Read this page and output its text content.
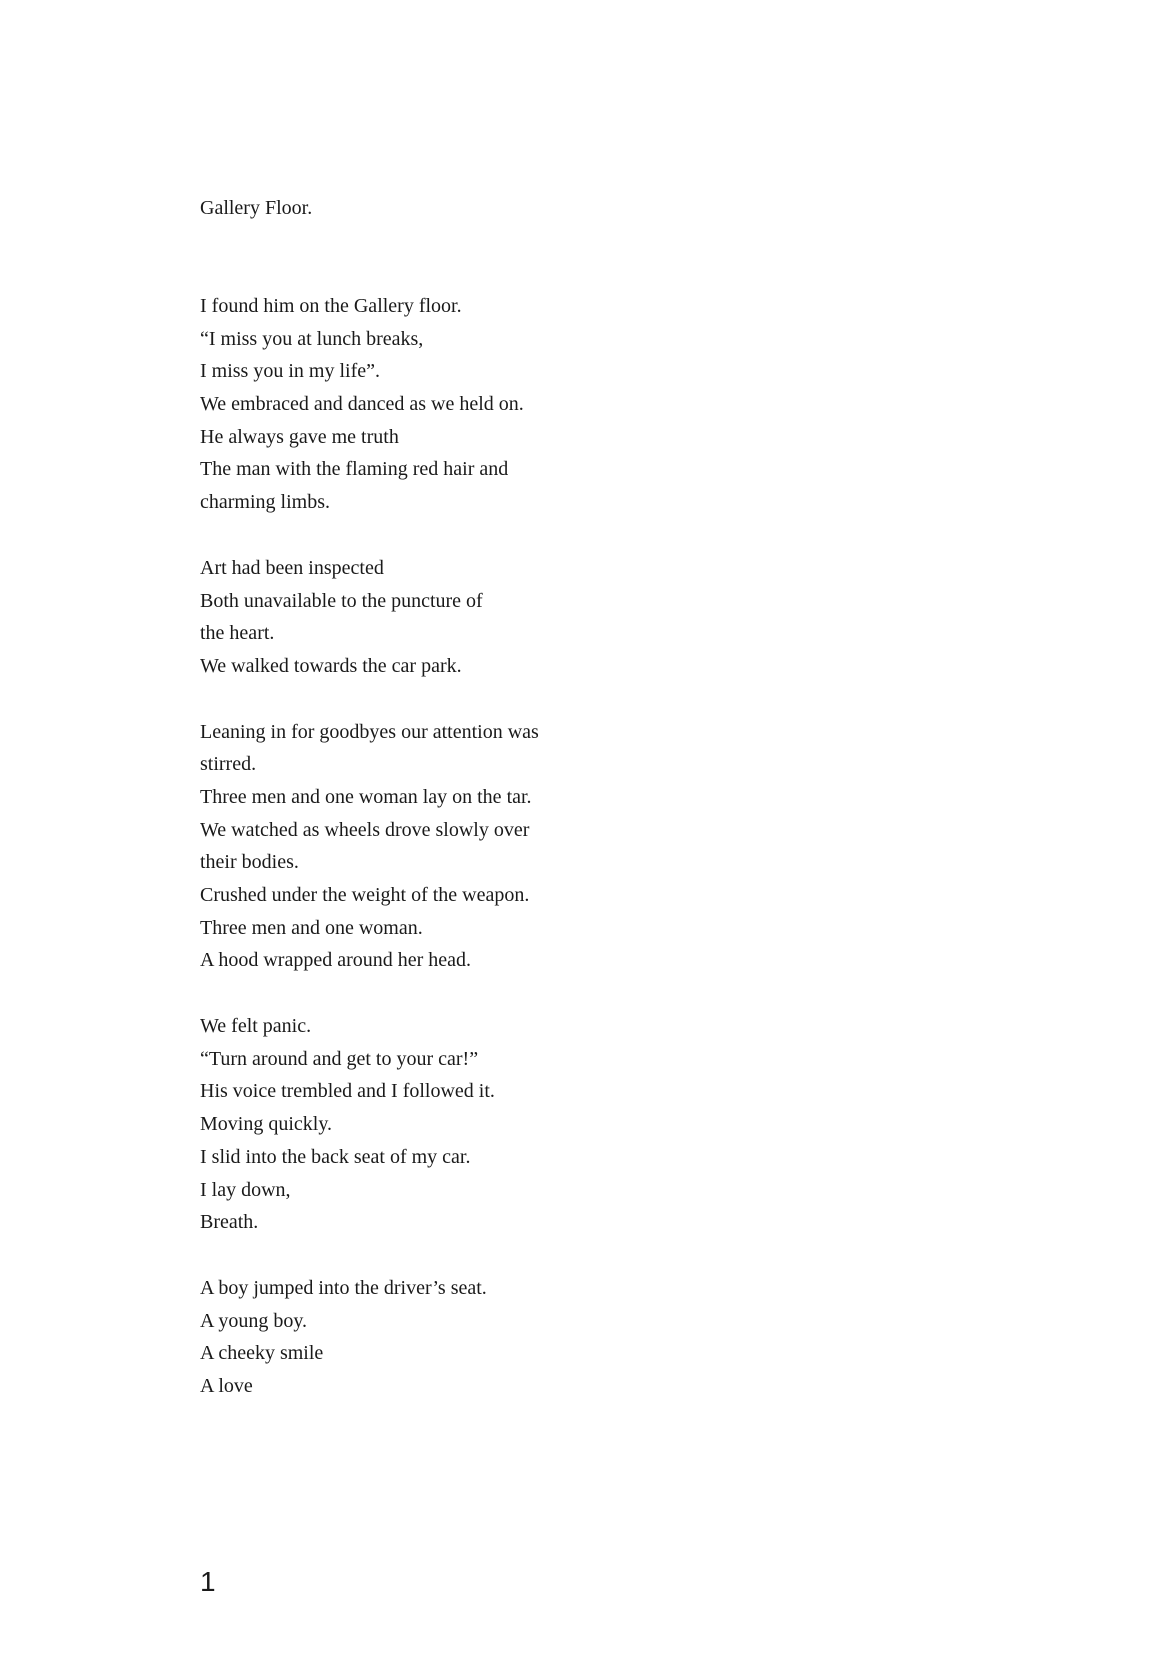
Gallery Floor.
I found him on the Gallery floor.
“I miss you at lunch breaks,
I miss you in my life”.
We embraced and danced as we held on.
He always gave me truth
The man with the flaming red hair and
charming limbs.
Art had been inspected
Both unavailable to the puncture of
the heart.
We walked towards the car park.
Leaning in for goodbyes our attention was
stirred.
Three men and one woman lay on the tar.
We watched as wheels drove slowly over
their bodies.
Crushed under the weight of the weapon.
Three men and one woman.
A hood wrapped around her head.
We felt panic.
“Turn around and get to your car!”
His voice trembled and I followed it.
Moving quickly.
I slid into the back seat of my car.
I lay down,
Breath.
A boy jumped into the driver’s seat.
A young boy.
A cheeky smile
A love
1
